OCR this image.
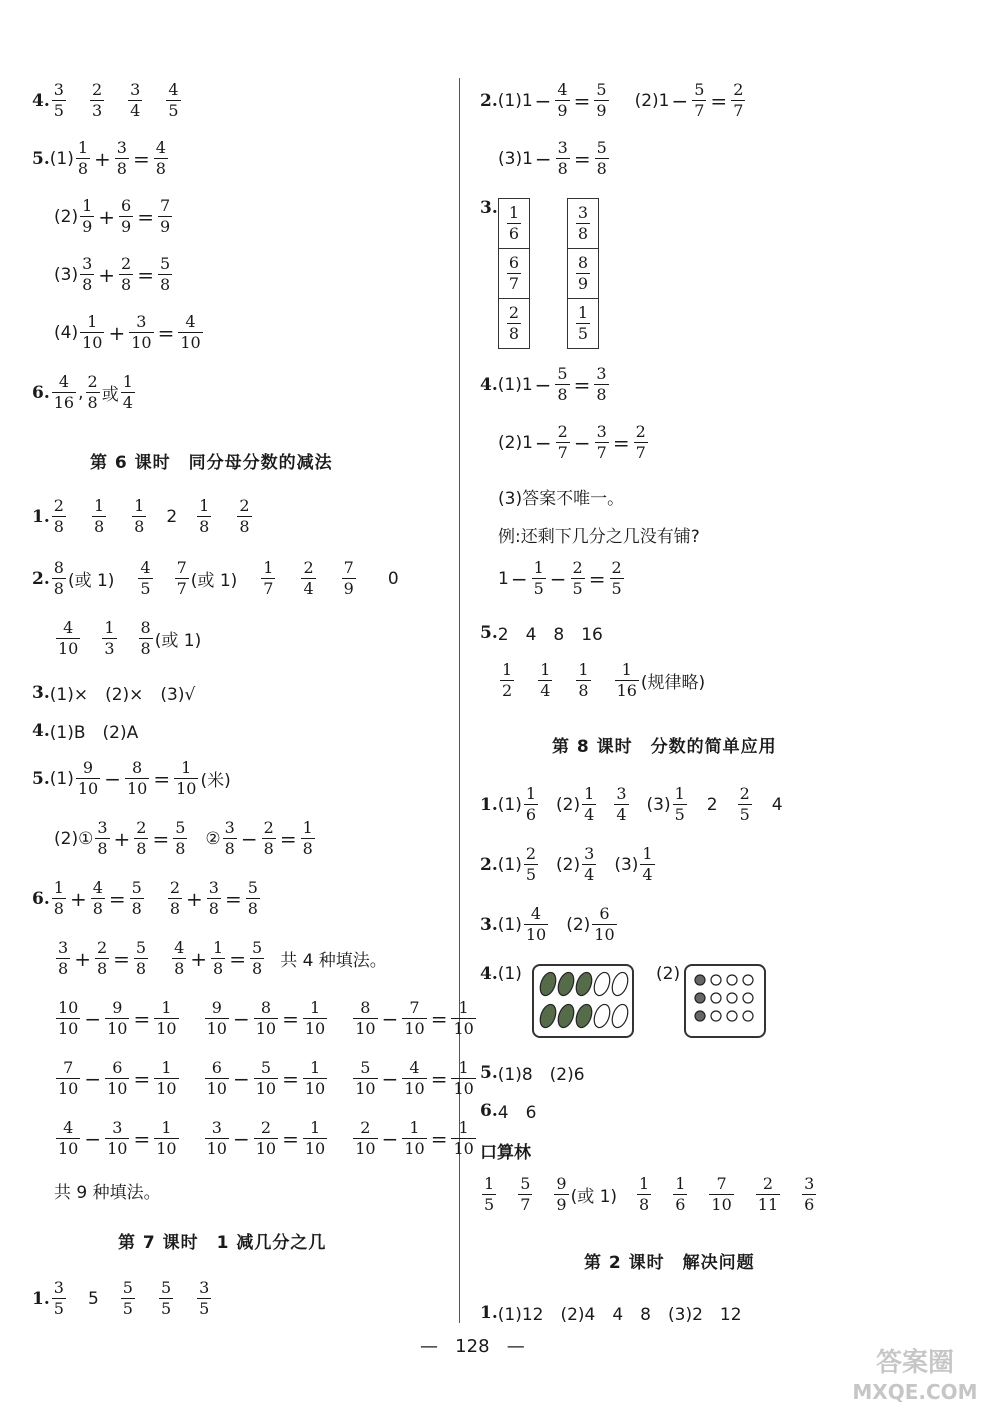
4. $\frac{3}{5} \frac{2}{3} \frac{3}{4} \frac{4}{5}$
5. $(1) \frac{1}{8} + \frac{3}{8} = \frac{4}{8}$
$(2) \frac{1}{9} + \frac{6}{9} = \frac{7}{9}$
$(3) \frac{3}{8} + \frac{2}{8} = \frac{5}{8}$
$(4) \frac{1}{10} + \frac{3}{10} = \frac{4}{10}$
6. $\frac{4}{16}$ , $\frac{2}{8}$ 或 $\frac{1}{4}$
第 6 课时　同分母分数的减法
1. $\frac{2}{8} \frac{1}{8} \frac{1}{8} 2 \frac{1}{8} \frac{2}{8}$
2. $\frac{8}{8}$ (或 $1) \frac{4}{5} \frac{7}{7}$ (或 $1) \frac{1}{7} \frac{2}{4} \frac{7}{9} 0$
$\frac{4}{10} \frac{1}{3} \frac{8}{8}$ (或 1)
3. (1)×　(2)×　(3)√
4. (1)B　(2)A
5. $(1) \frac{9}{10} - \frac{8}{10} = \frac{1}{10}$ (米)
(2)① $\frac{3}{8} + \frac{2}{8} = \frac{5}{8}$ ② $\frac{3}{8} - \frac{2}{8} = \frac{1}{8}$
6. $\frac{1}{8} + \frac{4}{8} = \frac{5}{8} \frac{2}{8} + \frac{3}{8} = \frac{5}{8}$
$\frac{3}{8} + \frac{2}{8} = \frac{5}{8} \frac{4}{8} + \frac{1}{8} = \frac{5}{8}$ 共 4 种填法。
$\frac{10}{10} - \frac{9}{10} = \frac{1}{10} \frac{9}{10} - \frac{8}{10} = \frac{1}{10} \frac{8}{10} - \frac{7}{10} = \frac{1}{10}$
$\frac{7}{10} - \frac{6}{10} = \frac{1}{10} \frac{6}{10} - \frac{5}{10} = \frac{1}{10} \frac{5}{10} - \frac{4}{10} = \frac{1}{10}$
$\frac{4}{10} - \frac{3}{10} = \frac{1}{10} \frac{3}{10} - \frac{2}{10} = \frac{1}{10} \frac{2}{10} - \frac{1}{10} = \frac{1}{10}$
共 9 种填法。
第 7 课时　1 减几分之几
1. $\frac{3}{5} 5 \frac{5}{5} \frac{5}{5} \frac{3}{5}$
2. $(1)1 - \frac{4}{9} = \frac{5}{9} (2)1 - \frac{5}{7} = \frac{2}{7}$
$(3)1 - \frac{3}{8} = \frac{5}{8}$
3. $\frac{1}{6}$
$\frac{6}{7}$
$\frac{2}{8}$
$\frac{3}{8}$
$\frac{8}{9}$
$\frac{1}{5}$
4. $(1)1 - \frac{5}{8} = \frac{3}{8}$
$(2)1 - \frac{2}{7} - \frac{3}{7} = \frac{2}{7}$
(3)答案不唯一。
例:还剩下几分之几没有铺?
$1 - \frac{1}{5} - \frac{2}{5} = \frac{2}{5}$
5. 2　4　8　16
$\frac{1}{2} \frac{1}{4} \frac{1}{8} \frac{1}{16}$ (规律略)
第 8 课时　分数的简单应用
1. $(1) \frac{1}{6} (2) \frac{1}{4} \frac{3}{4} (3) \frac{1}{5} 2 \frac{2}{5} 4$
2. $(1) \frac{2}{5} (2) \frac{3}{4} (3) \frac{1}{4}$
3. $(1) \frac{4}{10} (2) \frac{6}{10}$
4. (1)	(2)
5. (1)8　(2)6
6. 4　6
口算林
$\frac{1}{5} \frac{5}{7} \frac{9}{9}$ (或 $1) \frac{1}{8} \frac{1}{6} \frac{7}{10} \frac{2}{11} \frac{3}{6}$
第 2 课时　解决问题
1. (1)12　(2)4　4　8　(3)2　12
—   128   —
答案圈
MXQE.COM
